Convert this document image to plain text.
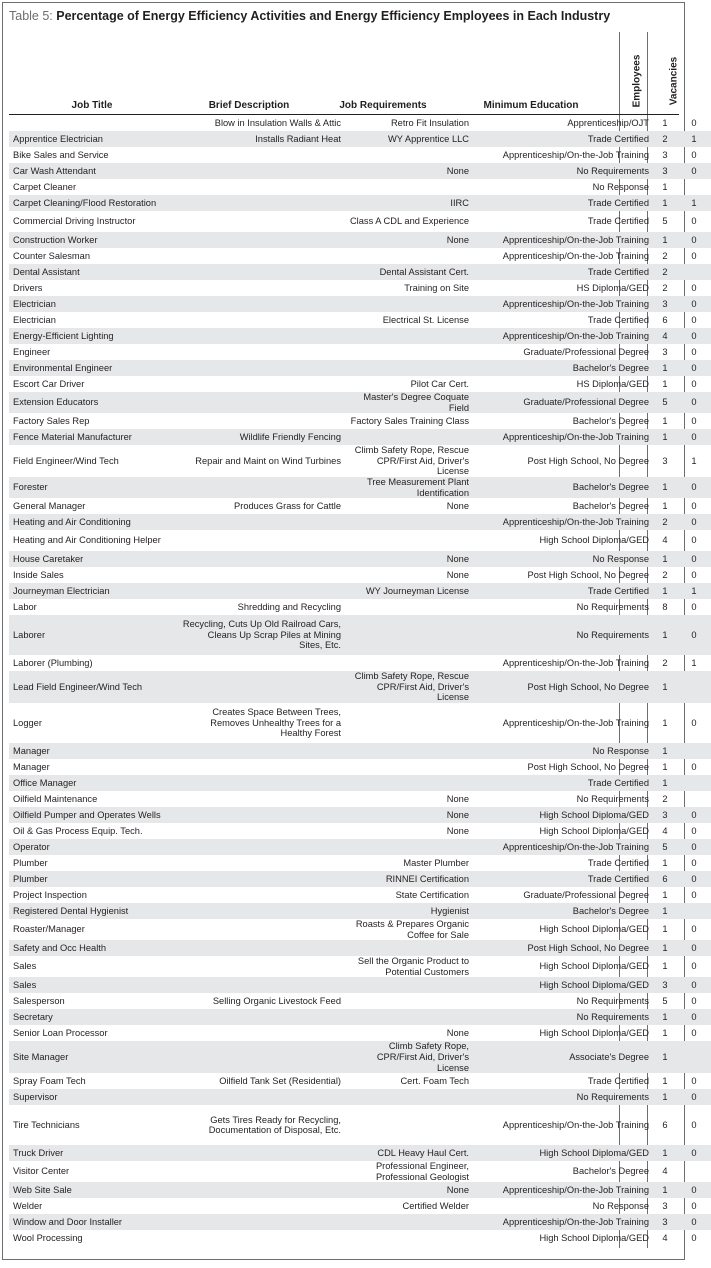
Table 5: Percentage of Energy Efficiency Activities and Energy Efficiency Employees in Each Industry
Employees	Vacancies
Job Title	Brief Description	Job Requirements	Minimum Education
	Blow in Insulation Walls & Attic	Retro Fit Insulation	Apprenticeship/OJT	1	0
Apprentice Electrician	Installs Radiant Heat	WY Apprentice LLC	Trade Certified	2	1
Bike Sales and Service			Apprenticeship/On-the-Job Training	3	0
Car Wash Attendant		None	No Requirements	3	0
Carpet Cleaner			No Response	1	
Carpet Cleaning/Flood Restoration		IIRC	Trade Certified	1	1
Commercial Driving Instructor		Class A CDL and Experience	Trade Certified	5	0
Construction Worker		None	Apprenticeship/On-the-Job Training	1	0
Counter Salesman			Apprenticeship/On-the-Job Training	2	0
Dental Assistant		Dental Assistant Cert.	Trade Certified	2	
Drivers		Training on Site	HS Diploma/GED	2	0
Electrician			Apprenticeship/On-the-Job Training	3	0
Electrician		Electrical St. License	Trade Certified	6	0
Energy-Efficient Lighting			Apprenticeship/On-the-Job Training	4	0
Engineer			Graduate/Professional Degree	3	0
Environmental Engineer			Bachelor's Degree	1	0
Escort Car Driver		Pilot Car Cert.	HS Diploma/GED	1	0
Extension Educators		Master's Degree Coquate Field	Graduate/Professional Degree	5	0
Factory Sales Rep		Factory Sales Training Class	Bachelor's Degree	1	0
Fence Material Manufacturer	Wildlife Friendly Fencing		Apprenticeship/On-the-Job Training	1	0
Field Engineer/Wind Tech	Repair and Maint on Wind Turbines	Climb Safety Rope, Rescue CPR/First Aid, Driver's License	Post High School, No Degree	3	1
Forester		Tree Measurement Plant Identification	Bachelor's Degree	1	0
General Manager	Produces Grass for Cattle	None	Bachelor's Degree	1	0
Heating and Air Conditioning			Apprenticeship/On-the-Job Training	2	0
Heating and Air Conditioning Helper			High School Diploma/GED	4	0
House Caretaker		None	No Response	1	0
Inside Sales		None	Post High School, No Degree	2	0
Journeyman Electrician		WY Journeyman License	Trade Certified	1	1
Labor	Shredding and Recycling		No Requirements	8	0
Laborer	Recycling, Cuts Up Old Railroad Cars, Cleans Up Scrap Piles at Mining Sites, Etc.		No Requirements	1	0
Laborer (Plumbing)			Apprenticeship/On-the-Job Training	2	1
Lead Field Engineer/Wind Tech		Climb Safety Rope, Rescue CPR/First Aid, Driver's License	Post High School, No Degree	1	
Logger	Creates Space Between Trees, Removes Unhealthy Trees for a Healthy Forest		Apprenticeship/On-the-Job Training	1	0
Manager			No Response	1	
Manager			Post High School, No Degree	1	0
Office Manager			Trade Certified	1	
Oilfield Maintenance		None	No Requirements	2	
Oilfield Pumper and Operates Wells		None	High School Diploma/GED	3	0
Oil & Gas Process Equip. Tech.		None	High School Diploma/GED	4	0
Operator			Apprenticeship/On-the-Job Training	5	0
Plumber		Master Plumber	Trade Certified	1	0
Plumber		RINNEI Certification	Trade Certified	6	0
Project Inspection		State Certification	Graduate/Professional Degree	1	0
Registered Dental Hygienist		Hygienist	Bachelor's Degree	1	
Roaster/Manager		Roasts & Prepares Organic Coffee for Sale	High School Diploma/GED	1	0
Safety and Occ Health			Post High School, No Degree	1	0
Sales		Sell the Organic Product to Potential Customers	High School Diploma/GED	1	0
Sales			High School Diploma/GED	3	0
Salesperson	Selling Organic Livestock Feed		No Requirements	5	0
Secretary			No Requirements	1	0
Senior Loan Processor		None	High School Diploma/GED	1	0
Site Manager		Climb Safety Rope, CPR/First Aid, Driver's License	Associate's Degree	1	
Spray Foam Tech	Oilfield Tank Set (Residential)	Cert. Foam Tech	Trade Certified	1	0
Supervisor			No Requirements	1	0
Tire Technicians	Gets Tires Ready for Recycling, Documentation of Disposal, Etc.		Apprenticeship/On-the-Job Training	6	0
Truck Driver		CDL Heavy Haul Cert.	High School Diploma/GED	1	0
Visitor Center		Professional Engineer, Professional Geologist	Bachelor's Degree	4	
Web Site Sale		None	Apprenticeship/On-the-Job Training	1	0
Welder		Certified Welder	No Response	3	0
Window and Door Installer			Apprenticeship/On-the-Job Training	3	0
Wool Processing			High School Diploma/GED	4	0
